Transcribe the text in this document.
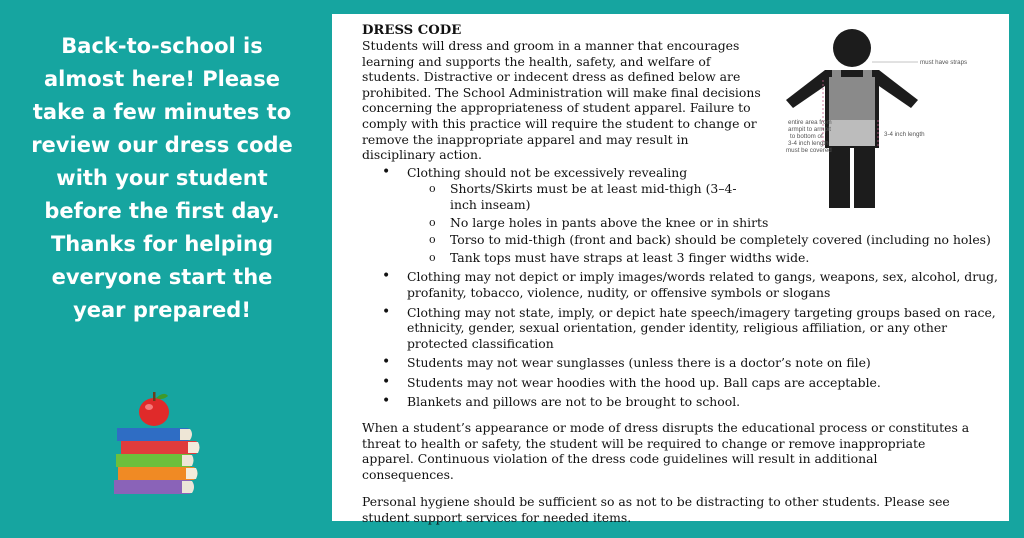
Back-to-school is
almost here! Please
take a few minutes to
review our dress code
with your student
before the first day.
Thanks for helping
everyone start the
year prepared!

DRESS CODE

Students will dress and groom in a manner that encourages learning and supports the health, safety, and welfare of students. Distractive or indecent dress as defined below are prohibited. The School Administration will make final decisions concerning the appropriateness of student apparel. Failure to comply with this practice will require the student to change or remove the inappropriate apparel and may result in disciplinary action.

must have straps
entire area from
armpit to armpit
to bottom of
3-4 inch length
must be covered
3-4 inch length
• Clothing should not be excessively revealing
o Shorts/Skirts must be at least mid-thigh (3–4-inch inseam)
o No large holes in pants above the knee or in shirts
o Torso to mid-thigh (front and back) should be completely covered (including no holes)
o Tank tops must have straps at least 3 finger widths wide.
• Clothing may not depict or imply images/words related to gangs, weapons, sex, alcohol, drug, profanity, tobacco, violence, nudity, or offensive symbols or slogans
• Clothing may not state, imply, or depict hate speech/imagery targeting groups based on race, ethnicity, gender, sexual orientation, gender identity, religious affiliation, or any other protected classification
• Students may not wear sunglasses (unless there is a doctor’s note on file)
• Students may not wear hoodies with the hood up. Ball caps are acceptable.
• Blankets and pillows are not to be brought to school.

When a student’s appearance or mode of dress disrupts the educational process or constitutes a threat to health or safety, the student will be required to change or remove inappropriate apparel. Continuous violation of the dress code guidelines will result in additional consequences.

Personal hygiene should be sufficient so as not to be distracting to other students. Please see student support services for needed items.
